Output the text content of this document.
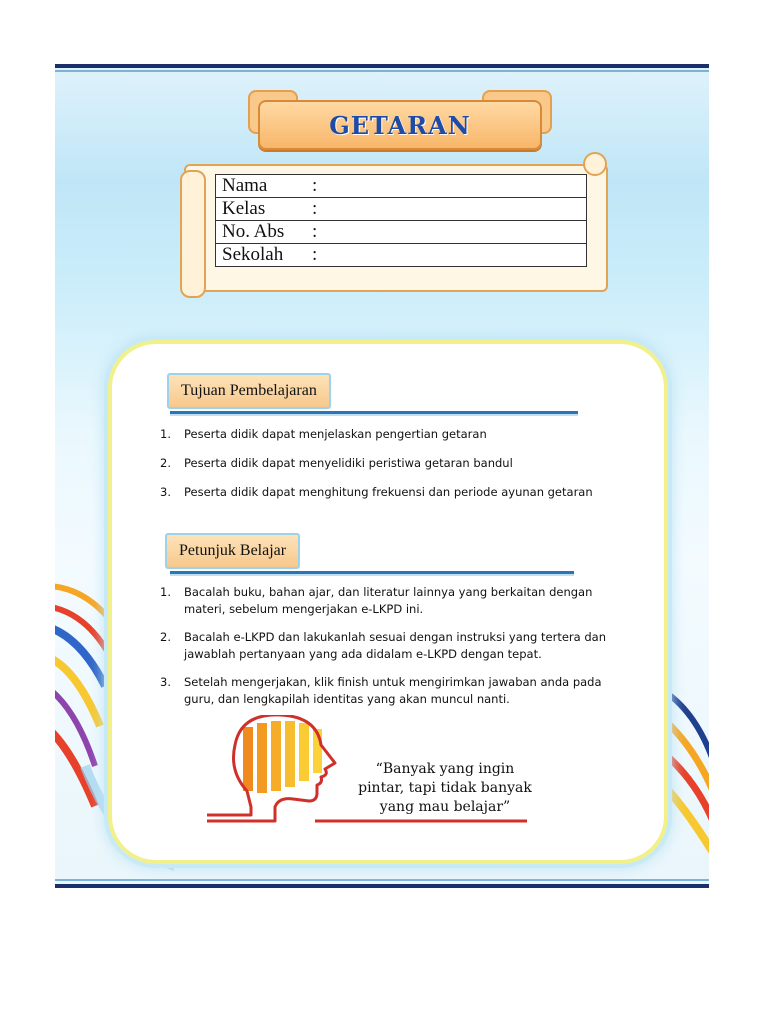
GETARAN
Nama :
Kelas :
No. Abs :
Sekolah :
Tujuan Pembelajaran
1. Peserta didik dapat menjelaskan pengertian getaran
2. Peserta didik dapat menyelidiki peristiwa getaran bandul
3. Peserta didik dapat menghitung frekuensi dan periode ayunan getaran
Petunjuk Belajar
1. Bacalah buku, bahan ajar, dan literatur lainnya yang berkaitan dengan materi, sebelum mengerjakan e-LKPD ini.
2. Bacalah e-LKPD dan lakukanlah sesuai dengan instruksi yang tertera dan jawablah pertanyaan yang ada didalam e-LKPD dengan tepat.
3. Setelah mengerjakan, klik finish untuk mengirimkan jawaban anda pada guru, dan lengkapilah identitas yang akan muncul nanti.
“Banyak yang ingin
pintar, tapi tidak banyak
yang mau belajar”
